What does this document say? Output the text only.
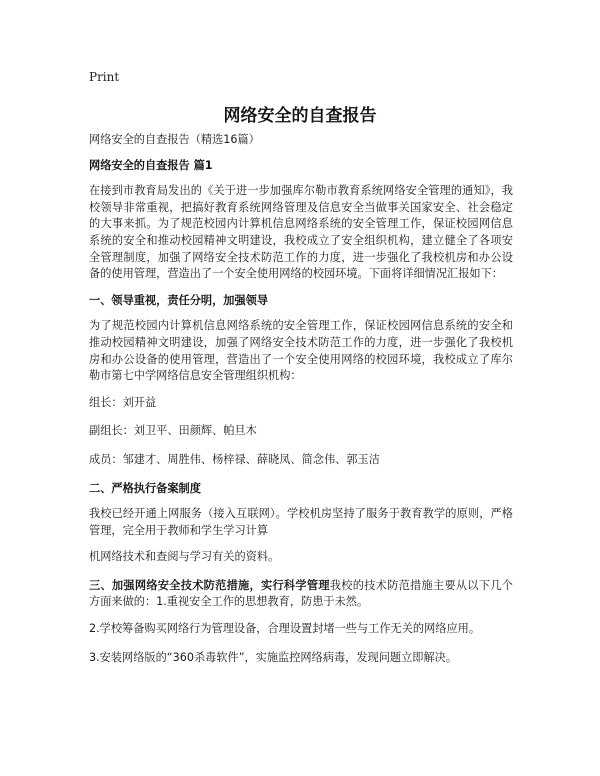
Print
网络安全的自查报告

网络安全的自查报告（精选16篇）

网络安全的自查报告 篇1

在接到市教育局发出的《关于进一步加强库尔勒市教育系统网络安全管理的通知》，我校领导非常重视，把搞好教育系统网络管理及信息安全当做事关国家安全、社会稳定的大事来抓。为了规范校园内计算机信息网络系统的安全管理工作，保证校园网信息系统的安全和推动校园精神文明建设，我校成立了安全组织机构，建立健全了各项安全管理制度，加强了网络安全技术防范工作的力度，进一步强化了我校机房和办公设备的使用管理，营造出了一个安全使用网络的校园环境。下面将详细情况汇报如下：

一、领导重视，责任分明，加强领导

为了规范校园内计算机信息网络系统的安全管理工作，保证校园网信息系统的安全和推动校园精神文明建设，加强了网络安全技术防范工作的力度，进一步强化了我校机房和办公设备的使用管理，营造出了一个安全使用网络的校园环境，我校成立了库尔勒市第七中学网络信息安全管理组织机构：

组长：刘开益

副组长：刘卫平、田颜辉、帕旦木

成员：邹建才、周胜伟、杨梓禄、薛晓凤、简念伟、郭玉洁

二、严格执行备案制度

我校已经开通上网服务（接入互联网）。学校机房坚持了服务于教育教学的原则，严格管理，完全用于教师和学生学习计算

机网络技术和查阅与学习有关的资料。

三、加强网络安全技术防范措施，实行科学管理我校的技术防范措施主要从以下几个方面来做的：1.重视安全工作的思想教育，防患于未然。

2.学校筹备购买网络行为管理设备，合理设置封堵一些与工作无关的网络应用。

3.安装网络版的“360杀毒软件”，实施监控网络病毒，发现问题立即解决。
